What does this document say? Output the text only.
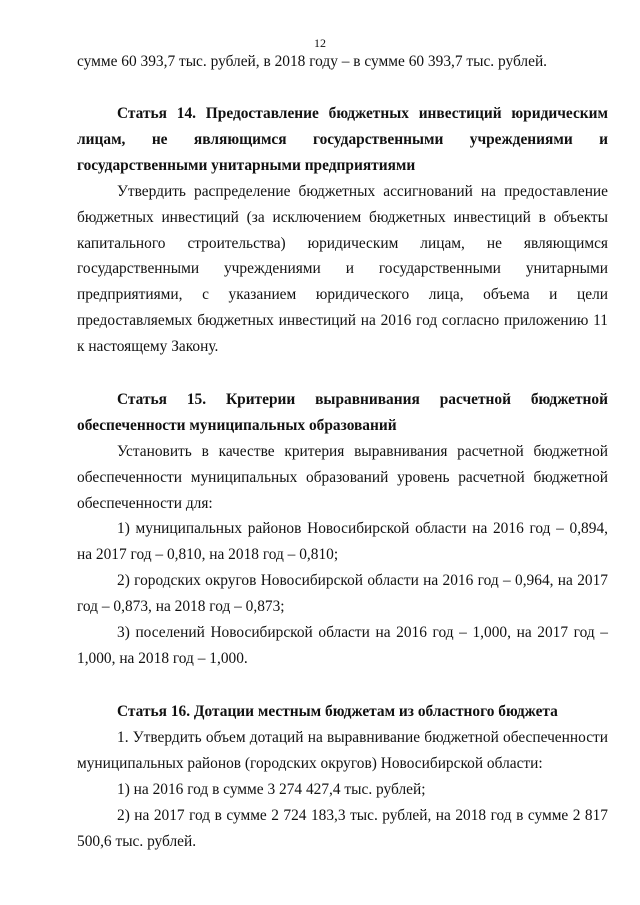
12
сумме 60 393,7 тыс. рублей, в 2018 году – в сумме 60 393,7 тыс. рублей.
Статья 14. Предоставление бюджетных инвестиций юридическим лицам, не являющимся государственными учреждениями и государственными унитарными предприятиями
Утвердить распределение бюджетных ассигнований на предоставление бюджетных инвестиций (за исключением бюджетных инвестиций в объекты капитального строительства) юридическим лицам, не являющимся государственными учреждениями и государственными унитарными предприятиями, с указанием юридического лица, объема и цели предоставляемых бюджетных инвестиций на 2016 год согласно приложению 11 к настоящему Закону.
Статья 15. Критерии выравнивания расчетной бюджетной обеспеченности муниципальных образований
Установить в качестве критерия выравнивания расчетной бюджетной обеспеченности муниципальных образований уровень расчетной бюджетной обеспеченности для:
1) муниципальных районов Новосибирской области на 2016 год – 0,894, на 2017 год – 0,810, на 2018 год – 0,810;
2) городских округов Новосибирской области на 2016 год – 0,964, на 2017 год – 0,873, на 2018 год – 0,873;
3) поселений Новосибирской области на 2016 год – 1,000, на 2017 год – 1,000, на 2018 год – 1,000.
Статья 16. Дотации местным бюджетам из областного бюджета
1. Утвердить объем дотаций на выравнивание бюджетной обеспеченности муниципальных районов (городских округов) Новосибирской области:
1) на 2016 год в сумме 3 274 427,4 тыс. рублей;
2) на 2017 год в сумме 2 724 183,3 тыс. рублей, на 2018 год в сумме 2 817 500,6 тыс. рублей.
